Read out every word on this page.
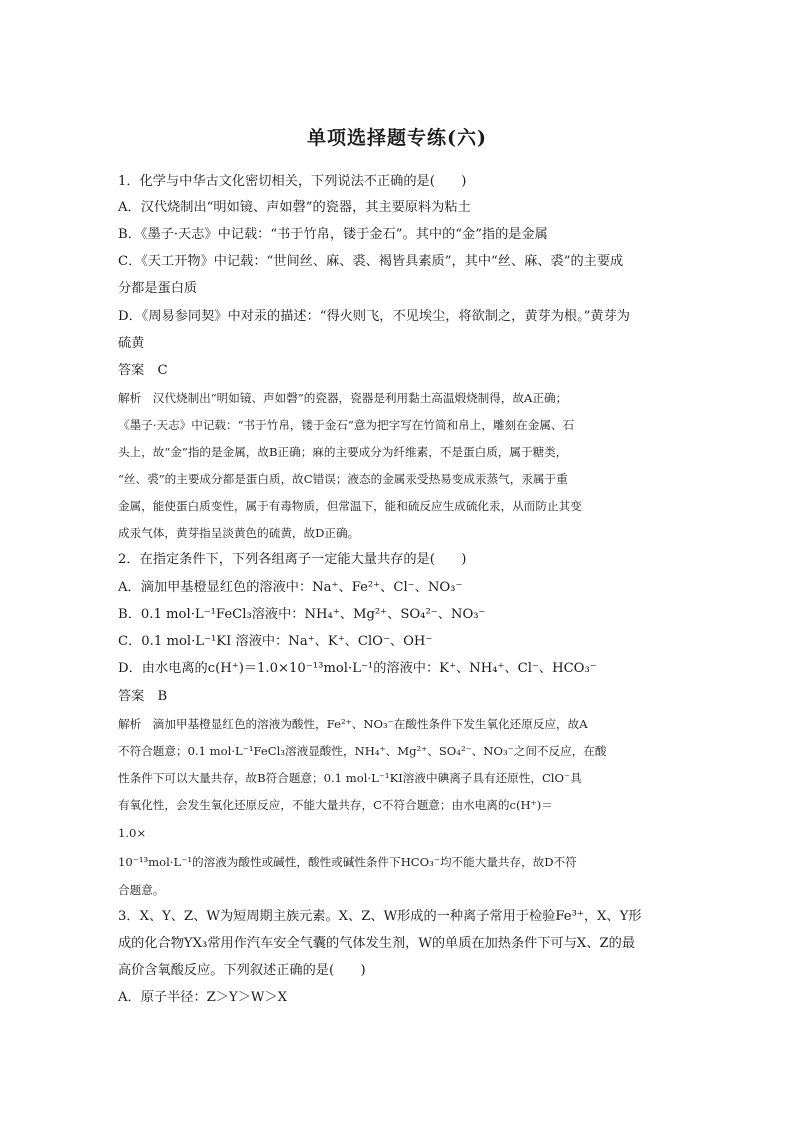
单项选择题专练(六)
1．化学与中华古文化密切相关，下列说法不正确的是(　　)
A．汉代烧制出“明如镜、声如磬”的瓷器，其主要原料为粘土
B．《墨子·天志》中记载：“书于竹帛，镂于金石”。其中的“金”指的是金属
C．《天工开物》中记载：“世间丝、麻、裘、褐皆具素质”，其中“丝、麻、裘”的主要成
分都是蛋白质
D．《周易参同契》中对汞的描述：“得火则飞，不见埃尘，将欲制之，黄芽为根。”黄芽为
硫黄
答案　C
解析　汉代烧制出“明如镜、声如磬”的瓷器，瓷器是利用黏土高温煅烧制得，故A正确；
《墨子·天志》中记载：“书于竹帛，镂于金石”意为把字写在竹简和帛上，雕刻在金属、石
头上，故“金”指的是金属，故B正确；麻的主要成分为纤维素，不是蛋白质，属于糖类，
“丝、裘”的主要成分都是蛋白质，故C错误；液态的金属汞受热易变成汞蒸气，汞属于重
金属，能使蛋白质变性，属于有毒物质，但常温下，能和硫反应生成硫化汞，从而防止其变
成汞气体，黄芽指呈淡黄色的硫黄，故D正确。
2．在指定条件下，下列各组离子一定能大量共存的是(　　)
A．滴加甲基橙显红色的溶液中：Na⁺、Fe²⁺、Cl⁻、NO₃⁻
B．0.1 mol·L⁻¹FeCl₃溶液中：NH₄⁺、Mg²⁺、SO₄²⁻、NO₃⁻
C．0.1 mol·L⁻¹KI 溶液中：Na⁺、K⁺、ClO⁻、OH⁻
D．由水电离的c(H⁺)＝1.0×10⁻¹³mol·L⁻¹的溶液中：K⁺、NH₄⁺、Cl⁻、HCO₃⁻
答案　B
解析　滴加甲基橙显红色的溶液为酸性，Fe²⁺、NO₃⁻在酸性条件下发生氧化还原反应，故A
不符合题意；0.1 mol·L⁻¹FeCl₃溶液显酸性，NH₄⁺、Mg²⁺、SO₄²⁻、NO₃⁻之间不反应，在酸
性条件下可以大量共存，故B符合题意；0.1 mol·L⁻¹KI溶液中碘离子具有还原性，ClO⁻具
有氧化性，会发生氧化还原反应，不能大量共存，C不符合题意；由水电离的c(H⁺)＝
1.0×
10⁻¹³mol·L⁻¹的溶液为酸性或碱性，酸性或碱性条件下HCO₃⁻均不能大量共存，故D不符
合题意。
3．X、Y、Z、W为短周期主族元素。X、Z、W形成的一种离子常用于检验Fe³⁺，X、Y形
成的化合物YX₃常用作汽车安全气囊的气体发生剂，W的单质在加热条件下可与X、Z的最
高价含氧酸反应。下列叙述正确的是(　　)
A．原子半径：Z＞Y＞W＞X
